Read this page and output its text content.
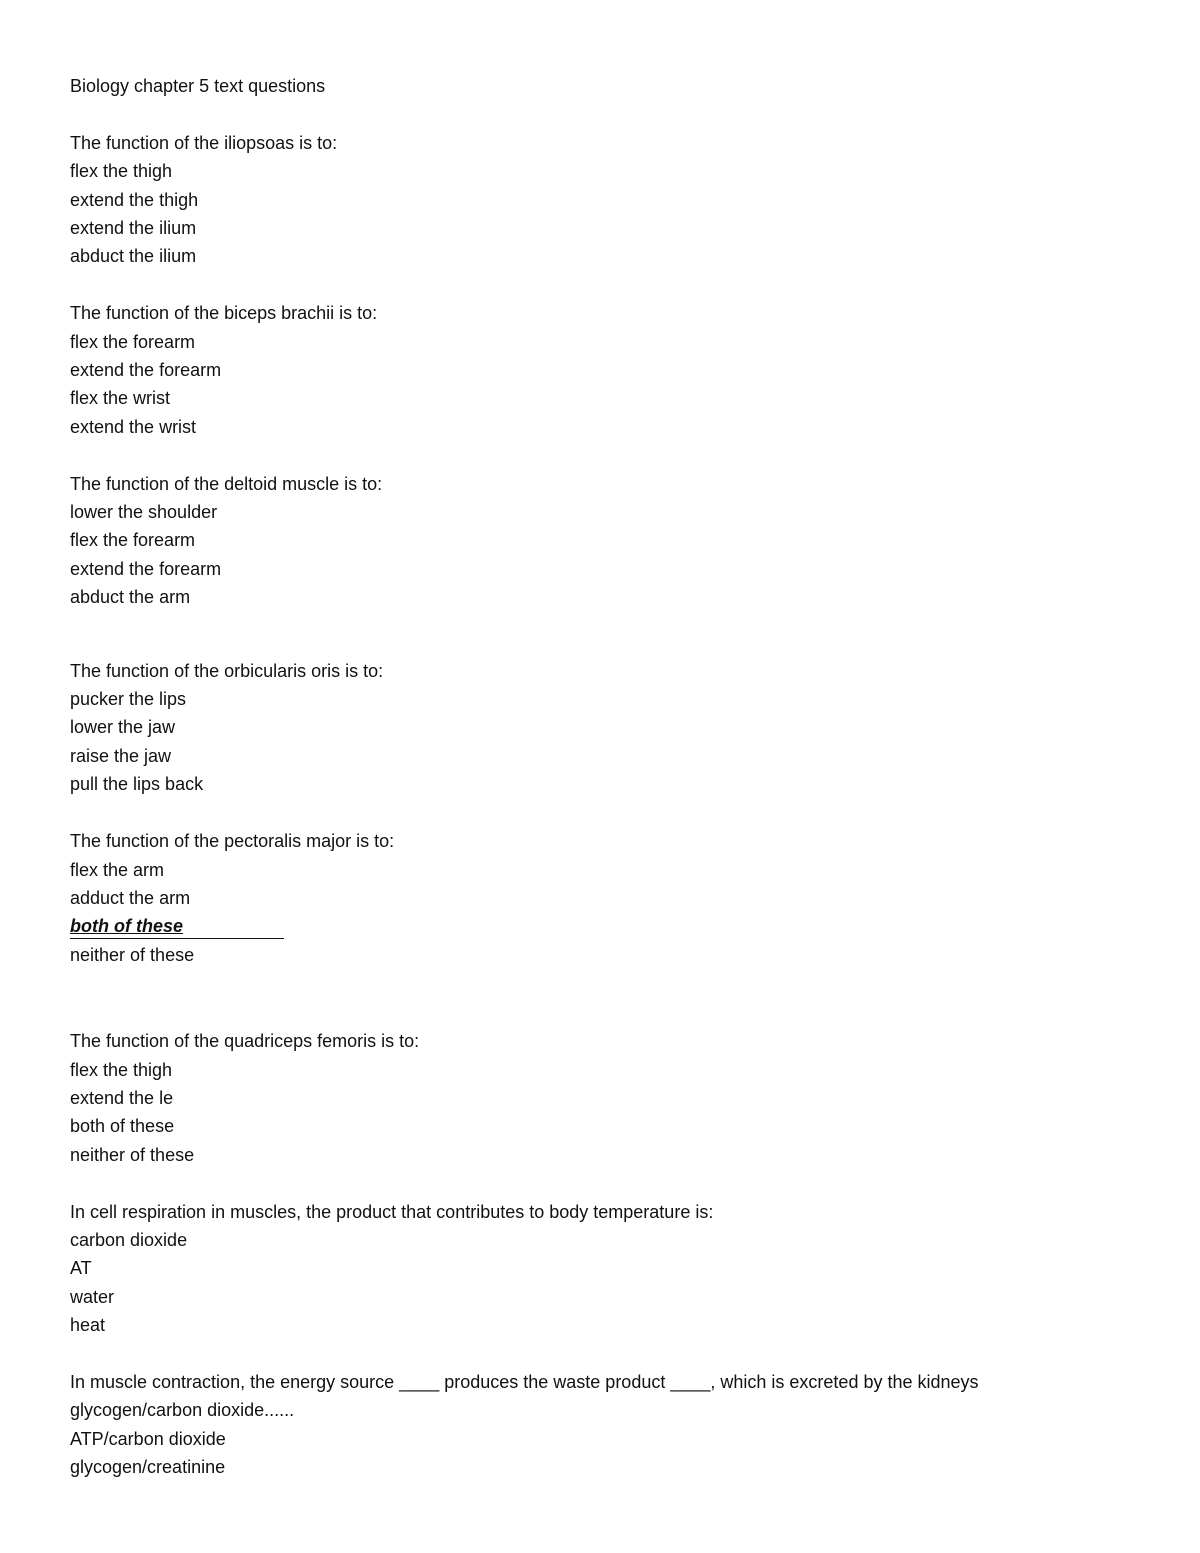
Biology chapter 5 text questions
The function of the iliopsoas is to:
flex the thigh
extend the thigh
extend the ilium
abduct the ilium
The function of the biceps brachii is to:
flex the forearm
extend the forearm
flex the wrist
extend the wrist
The function of the deltoid muscle is to:
lower the shoulder
flex the forearm
extend the forearm
abduct the arm
The function of the orbicularis oris is to:
pucker the lips
lower the jaw
raise the jaw
pull the lips back
The function of the pectoralis major is to:
flex the arm
adduct the arm
both of these
neither of these
The function of the quadriceps femoris is to:
flex the thigh
extend the le
both of these
neither of these
In cell respiration in muscles, the product that contributes to body temperature is:
carbon dioxide
AT
water
heat
In muscle contraction, the energy source ____ produces the waste product ____, which is excreted by the kidneys
glycogen/carbon dioxide......
ATP/carbon dioxide
glycogen/creatinine
